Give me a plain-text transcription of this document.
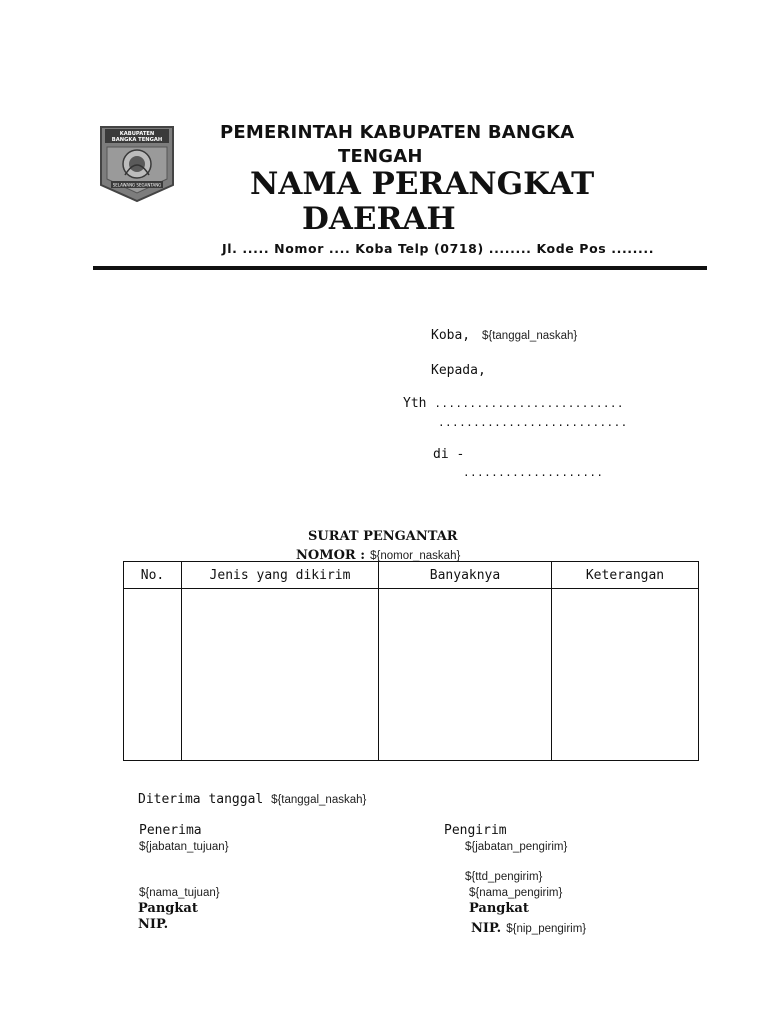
KABUPATEN
BANGKA TENGAH
SELAWANG SEGANTANG
PEMERINTAH KABUPATEN BANGKA
TENGAH
NAMA PERANGKAT
DAERAH
Jl. ..... Nomor .... Koba Telp (0718) ........ Kode Pos ........
Koba, ${tanggal_naskah}
Kepada,
Yth ...........................
...........................
di -
....................
SURAT PENGANTAR
NOMOR : ${nomor_naskah}
No.	Jenis yang dikirim	Banyaknya	Keterangan

Diterima tanggal ${tanggal_naskah}
Penerima
${jabatan_tujuan}
${nama_tujuan}
Pangkat
NIP.
Pengirim
${jabatan_pengirim}
${ttd_pengirim}
${nama_pengirim}
Pangkat
NIP. ${nip_pengirim}
